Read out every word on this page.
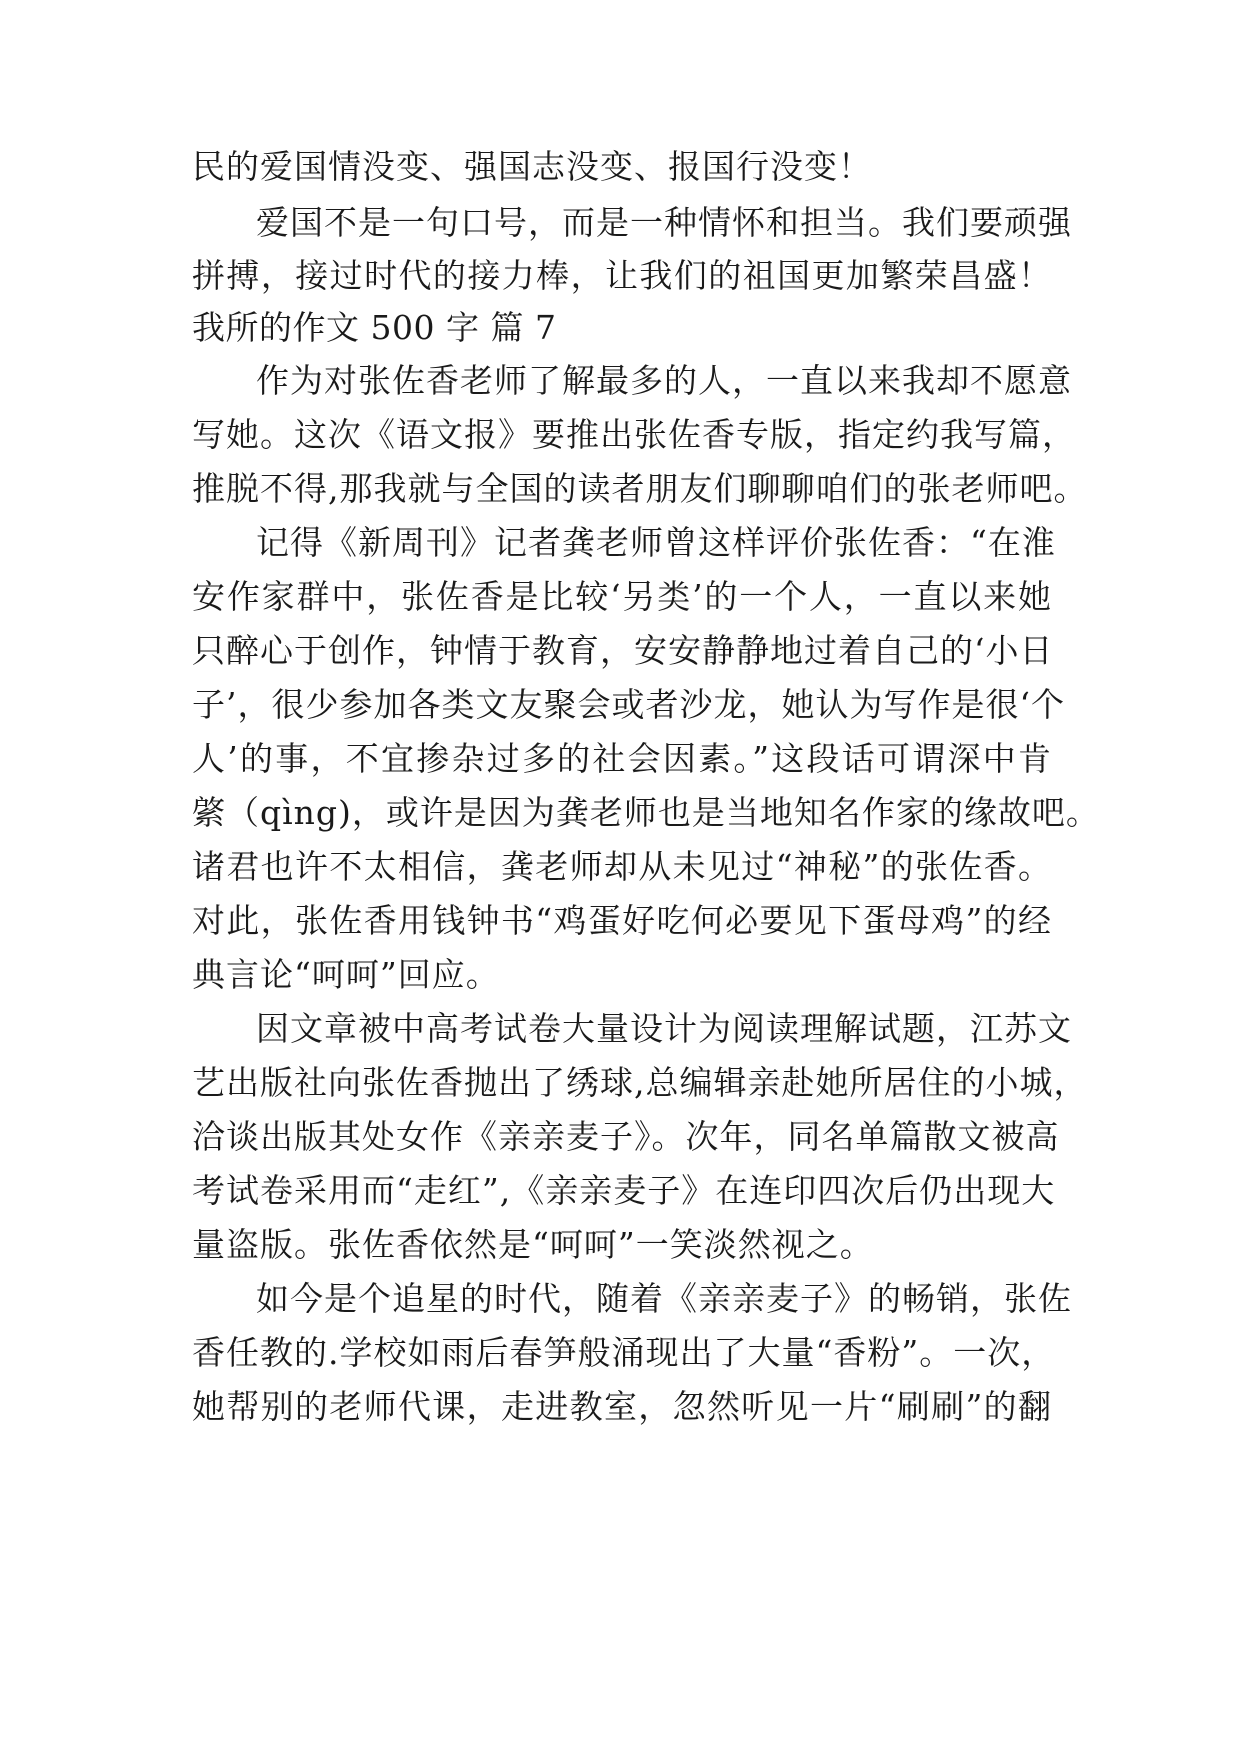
民的爱国情没变、强国志没变、报国行没变！
爱国不是一句口号，而是一种情怀和担当。我们要顽强
拼搏，接过时代的接力棒，让我们的祖国更加繁荣昌盛！
我所的作文 500 字 篇 7
作为对张佐香老师了解最多的人，一直以来我却不愿意
写她。这次《语文报》要推出张佐香专版，指定约我写篇，
推脱不得,那我就与全国的读者朋友们聊聊咱们的张老师吧。
记得《新周刊》记者龚老师曾这样评价张佐香：“在淮
安作家群中，张佐香是比较‘另类’的一个人，一直以来她
只醉心于创作，钟情于教育，安安静静地过着自己的‘小日
子’，很少参加各类文友聚会或者沙龙，她认为写作是很‘个
人’的事，不宜掺杂过多的社会因素。”这段话可谓深中肯
綮（qìng)，或许是因为龚老师也是当地知名作家的缘故吧。
诸君也许不太相信，龚老师却从未见过“神秘”的张佐香。
对此，张佐香用钱钟书“鸡蛋好吃何必要见下蛋母鸡”的经
典言论“呵呵”回应。
因文章被中高考试卷大量设计为阅读理解试题，江苏文
艺出版社向张佐香抛出了绣球,总编辑亲赴她所居住的小城，
洽谈出版其处女作《亲亲麦子》。次年，同名单篇散文被高
考试卷采用而“走红”,《亲亲麦子》在连印四次后仍出现大
量盗版。张佐香依然是“呵呵”一笑淡然视之。
如今是个追星的时代，随着《亲亲麦子》的畅销，张佐
香任教的.学校如雨后春笋般涌现出了大量“香粉”。一次，
她帮别的老师代课，走进教室，忽然听见一片“刷刷”的翻
